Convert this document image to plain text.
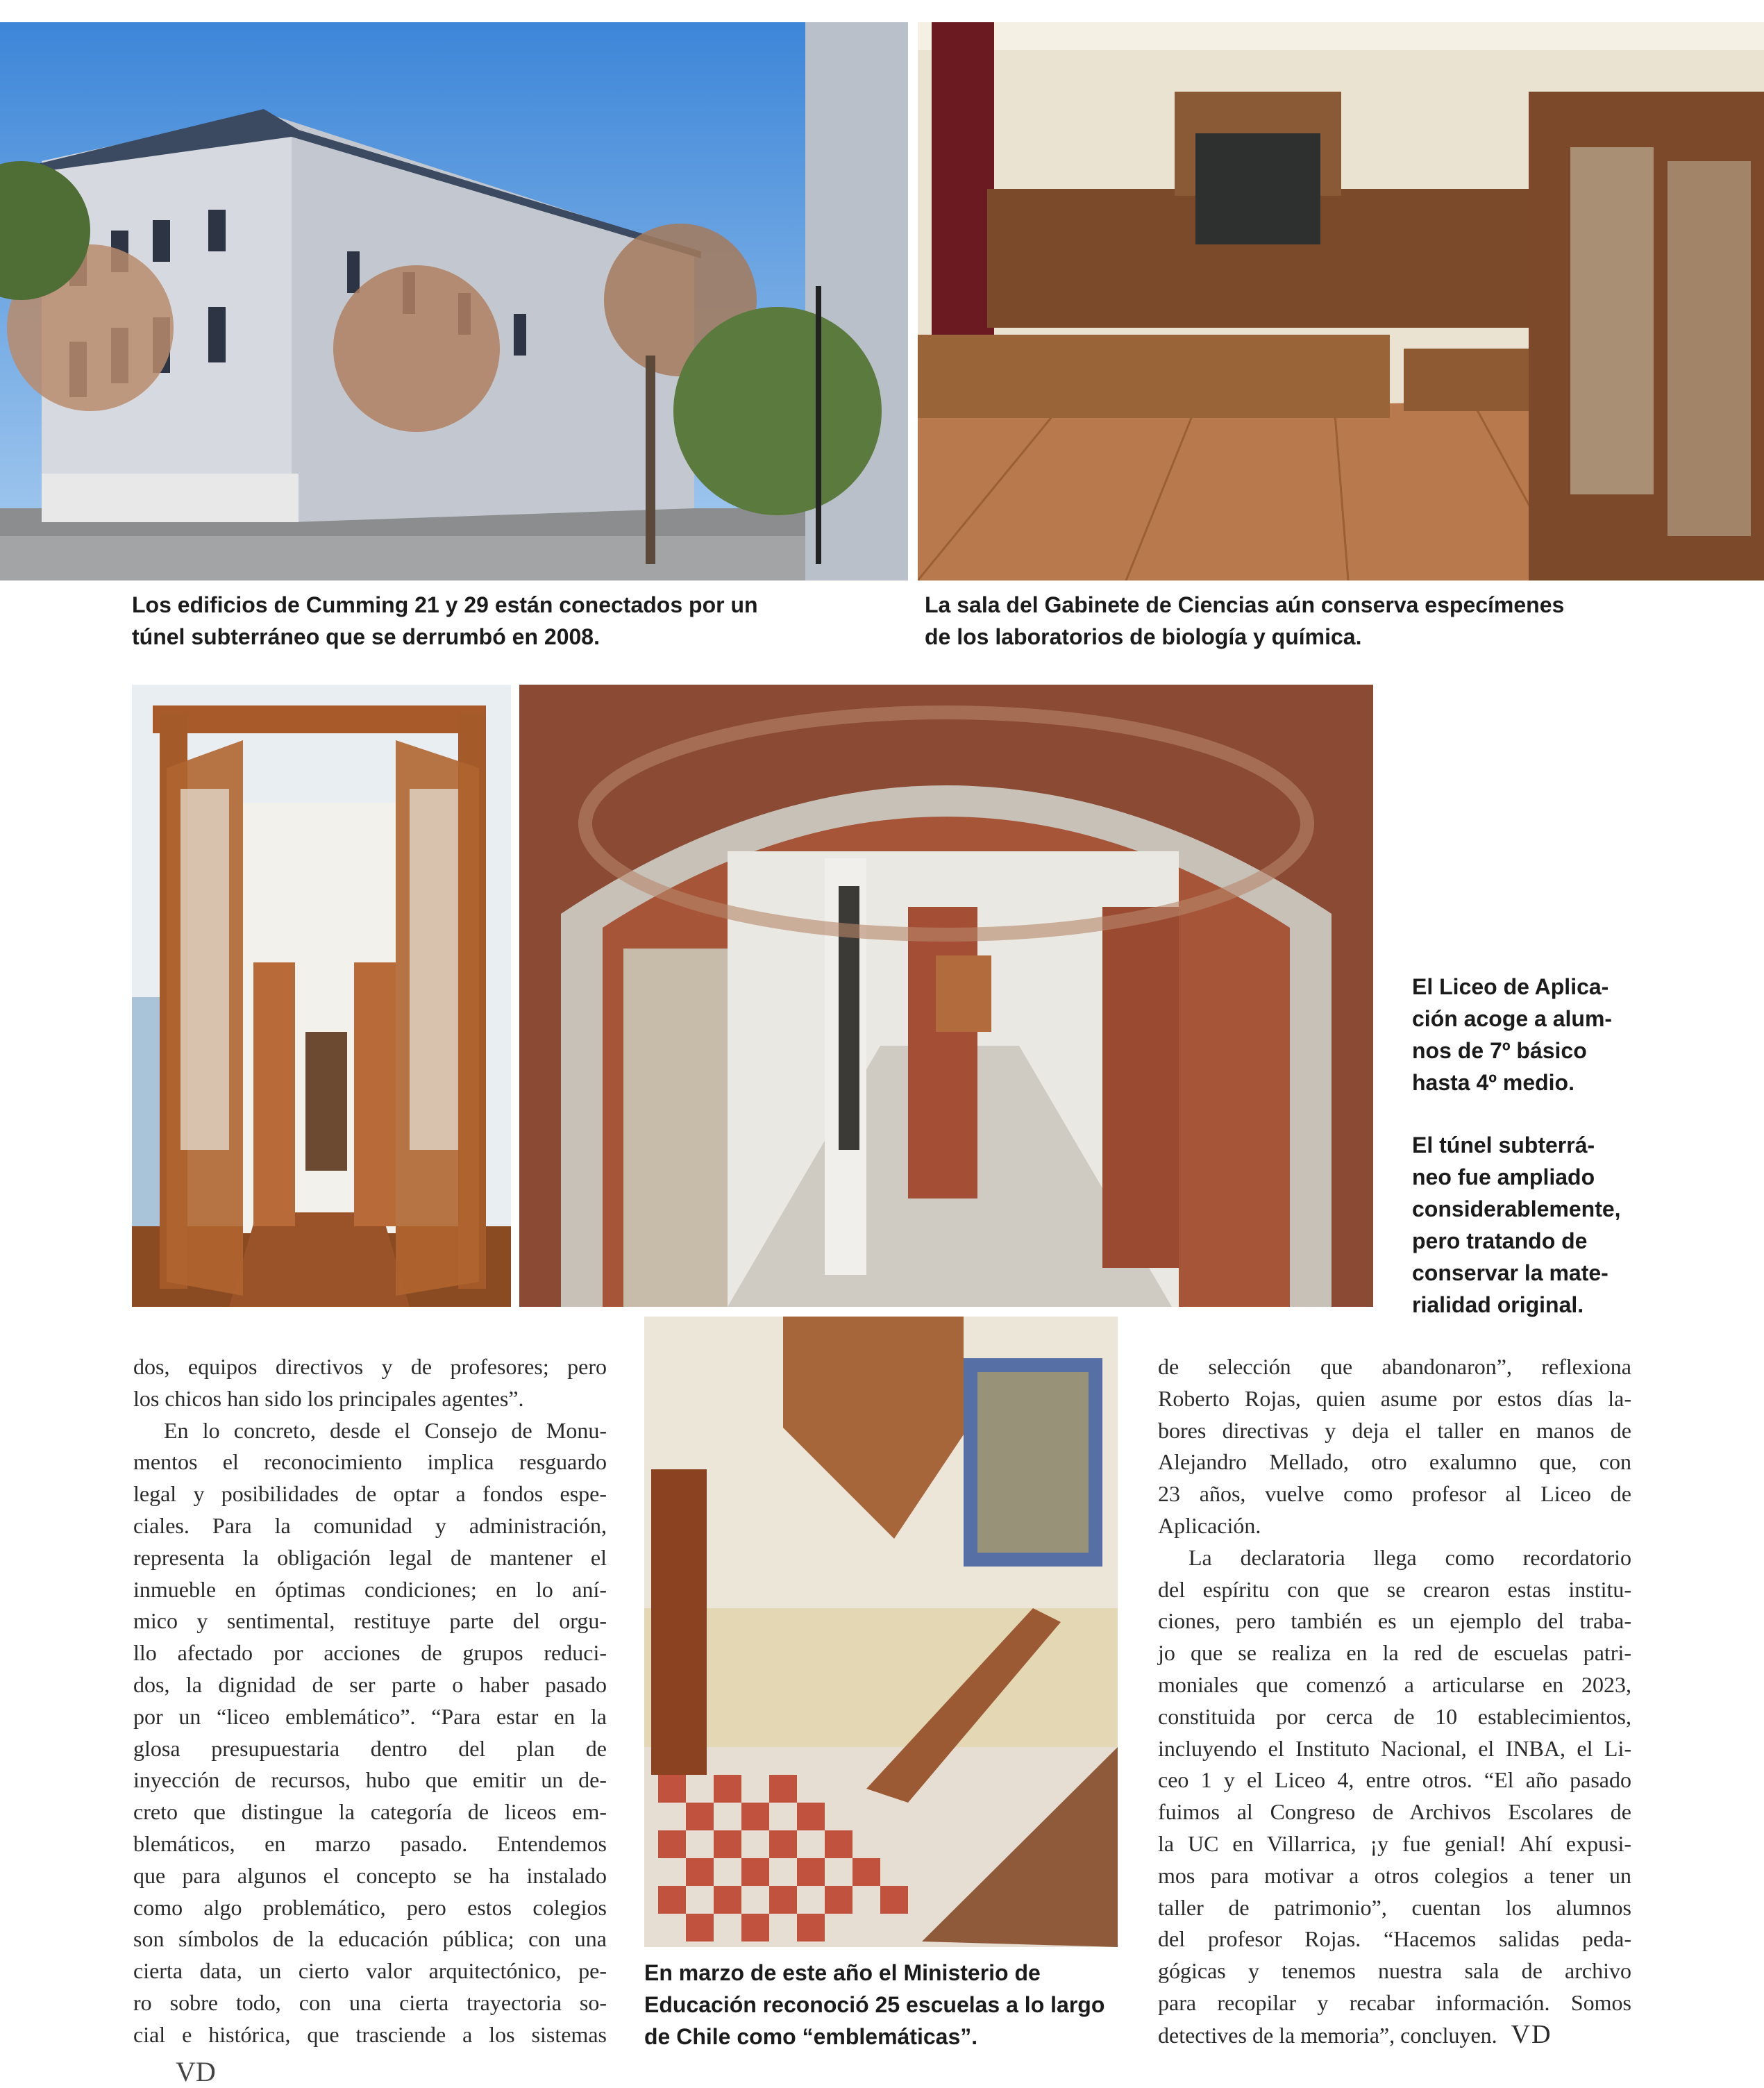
Los edificios de Cumming 21 y 29 están conectados por un
túnel subterráneo que se derrumbó en 2008.
La sala del Gabinete de Ciencias aún conserva especímenes
de los laboratorios de biología y química.
El Liceo de Aplica-
ción acoge a alum-
nos de 7º básico
hasta 4º medio.
El túnel subterrá-
neo fue ampliado
considerablemente,
pero tratando de
conservar la mate-
rialidad original.
En marzo de este año el Ministerio de
Educación reconoció 25 escuelas a lo largo
de Chile como “emblemáticas”.
dos, equipos directivos y de profesores; pero
los chicos han sido los principales agentes”.
En lo concreto, desde el Consejo de Monu-
mentos el reconocimiento implica resguardo
legal y posibilidades de optar a fondos espe-
ciales. Para la comunidad y administración,
representa la obligación legal de mantener el
inmueble en óptimas condiciones; en lo aní-
mico y sentimental, restituye parte del orgu-
llo afectado por acciones de grupos reduci-
dos, la dignidad de ser parte o haber pasado
por un “liceo emblemático”. “Para estar en la
glosa presupuestaria dentro del plan de
inyección de recursos, hubo que emitir un de-
creto que distingue la categoría de liceos em-
blemáticos, en marzo pasado. Entendemos
que para algunos el concepto se ha instalado
como algo problemático, pero estos colegios
son símbolos de la educación pública; con una
cierta data, un cierto valor arquitectónico, pe-
ro sobre todo, con una cierta trayectoria so-
cial e histórica, que trasciende a los sistemas
de selección que abandonaron”, reflexiona
Roberto Rojas, quien asume por estos días la-
bores directivas y deja el taller en manos de
Alejandro Mellado, otro exalumno que, con
23 años, vuelve como profesor al Liceo de
Aplicación.
La declaratoria llega como recordatorio
del espíritu con que se crearon estas institu-
ciones, pero también es un ejemplo del traba-
jo que se realiza en la red de escuelas patri-
moniales que comenzó a articularse en 2023,
constituida por cerca de 10 establecimientos,
incluyendo el Instituto Nacional, el INBA, el Li-
ceo 1 y el Liceo 4, entre otros. “El año pasado
fuimos al Congreso de Archivos Escolares de
la UC en Villarrica, ¡y fue genial! Ahí expusi-
mos para motivar a otros colegios a tener un
taller de patrimonio”, cuentan los alumnos
del profesor Rojas. “Hacemos salidas peda-
gógicas y tenemos nuestra sala de archivo
para recopilar y recabar información. Somos
detectives de la memoria”, concluyen. VD
VD
